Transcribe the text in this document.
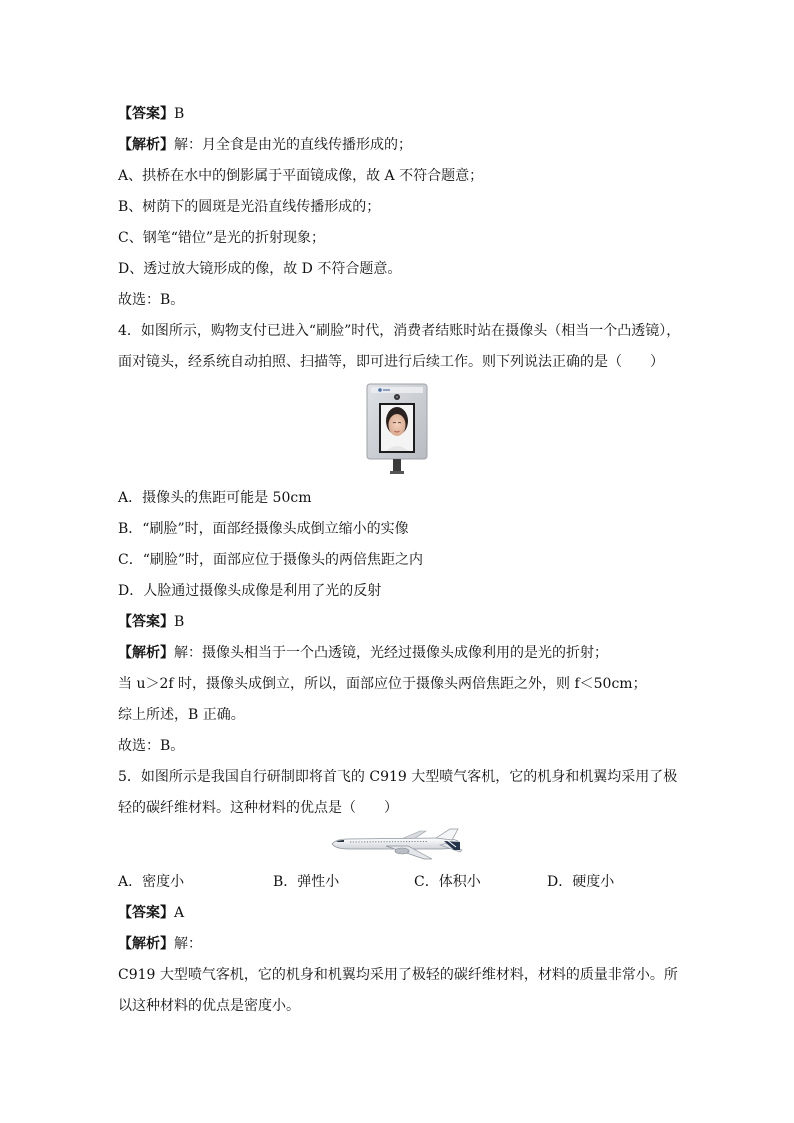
【答案】B
【解析】解：月全食是由光的直线传播形成的；
A、拱桥在水中的倒影属于平面镜成像，故 A 不符合题意；
B、树荫下的圆斑是光沿直线传播形成的；
C、钢笔“错位”是光的折射现象；
D、透过放大镜形成的像，故 D 不符合题意。
故选：B。
4．如图所示，购物支付已进入“刷脸”时代，消费者结账时站在摄像头（相当一个凸透镜），
面对镜头，经系统自动拍照、扫描等，即可进行后续工作。则下列说法正确的是（　　）
A．摄像头的焦距可能是 50cm
B．“刷脸”时，面部经摄像头成倒立缩小的实像
C．“刷脸”时，面部应位于摄像头的两倍焦距之内
D．人脸通过摄像头成像是利用了光的反射
【答案】B
【解析】解：摄像头相当于一个凸透镜，光经过摄像头成像利用的是光的折射；
当 u＞2f 时，摄像头成倒立，所以，面部应位于摄像头两倍焦距之外，则 f＜50cm；
综上所述，B 正确。
故选：B。
5．如图所示是我国自行研制即将首飞的 C919 大型喷气客机，它的机身和机翼均采用了极
轻的碳纤维材料。这种材料的优点是（　　）
A．密度小	B．弹性小	C．体积小	D．硬度小
【答案】A
【解析】解：
C919 大型喷气客机，它的机身和机翼均采用了极轻的碳纤维材料，材料的质量非常小。所
以这种材料的优点是密度小。
